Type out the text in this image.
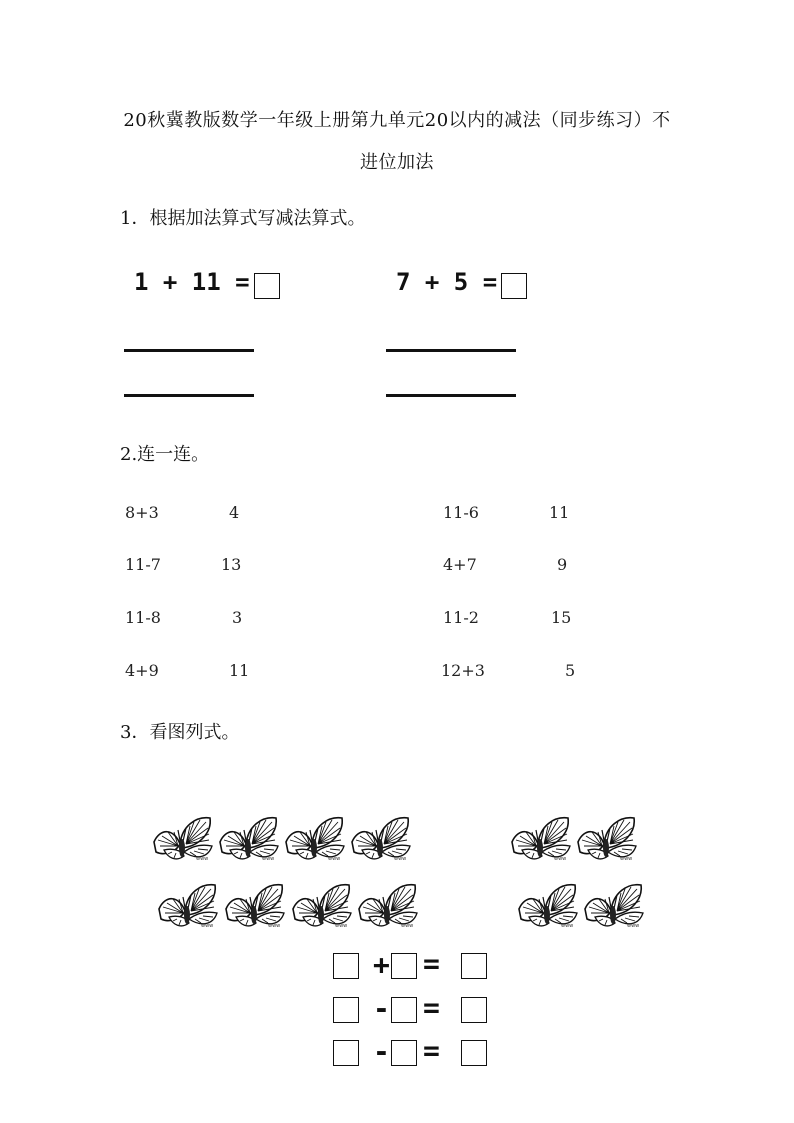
20秋冀教版数学一年级上册第九单元20以内的减法（同步练习）不
进位加法
1．根据加法算式写减法算式。
1 + 11 =	7 + 5 =
2.连一连。
8+3
11-7
11-8
4+9
4
13
3
11
11-6
4+7
11-2
12+3
11
9
15
5
3．看图列式。
www
+ =
- =
- =
